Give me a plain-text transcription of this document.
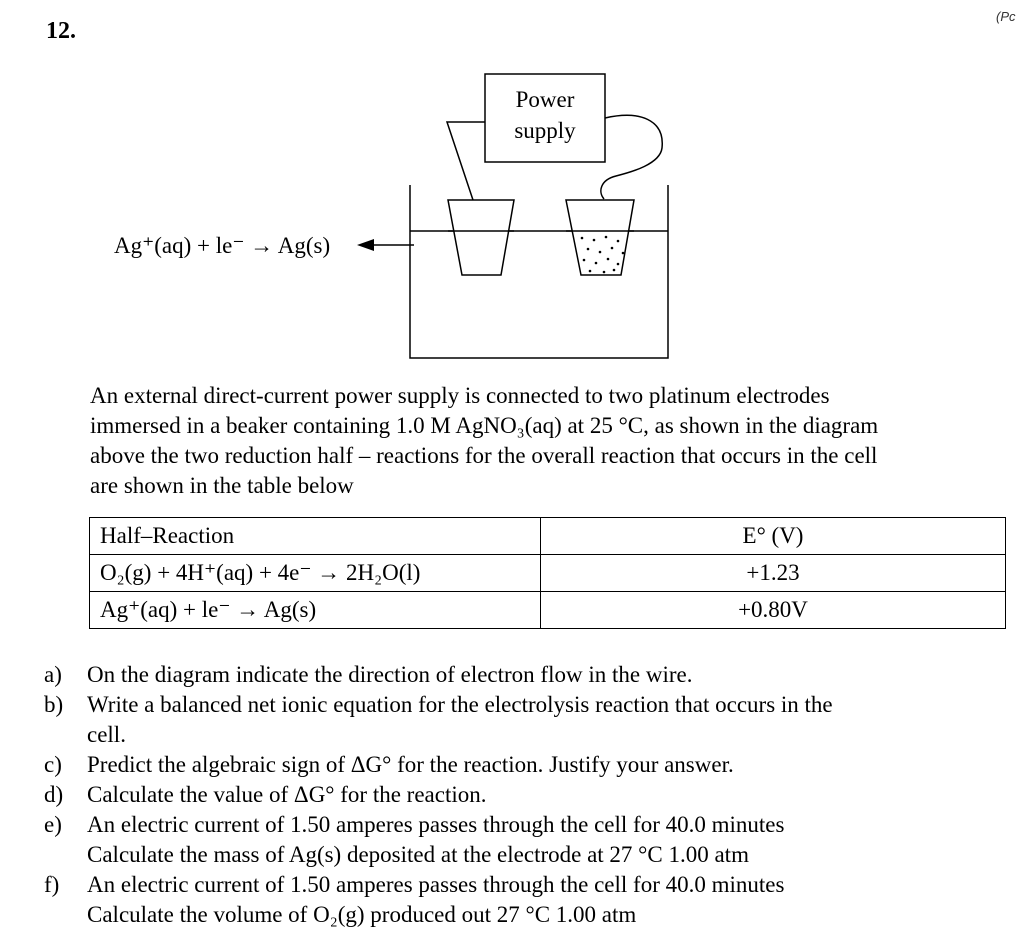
12.
(Pc
Power
supply
Ag⁺(aq) + le⁻ → Ag(s)
An external direct-current power supply is connected to two platinum electrodes
immersed in a beaker containing 1.0 M AgNO₃(aq) at 25 °C, as shown in the diagram
above the two reduction half – reactions for the overall reaction that occurs in the cell
are shown in the table below
Half–Reaction	E° (V)
O₂(g) + 4H⁺(aq) + 4e⁻ → 2H₂O(l)	+1.23
Ag⁺(aq) + le⁻ → Ag(s)	+0.80V
a) On the diagram indicate the direction of electron flow in the wire.
b) Write a balanced net ionic equation for the electrolysis reaction that occurs in the
cell.
c) Predict the algebraic sign of ΔG° for the reaction. Justify your answer.
d) Calculate the value of ΔG° for the reaction.
e) An electric current of 1.50 amperes passes through the cell for 40.0 minutes
Calculate the mass of Ag(s) deposited at the electrode at 27 °C 1.00 atm
f) An electric current of 1.50 amperes passes through the cell for 40.0 minutes
Calculate the volume of O₂(g) produced out 27 °C 1.00 atm
